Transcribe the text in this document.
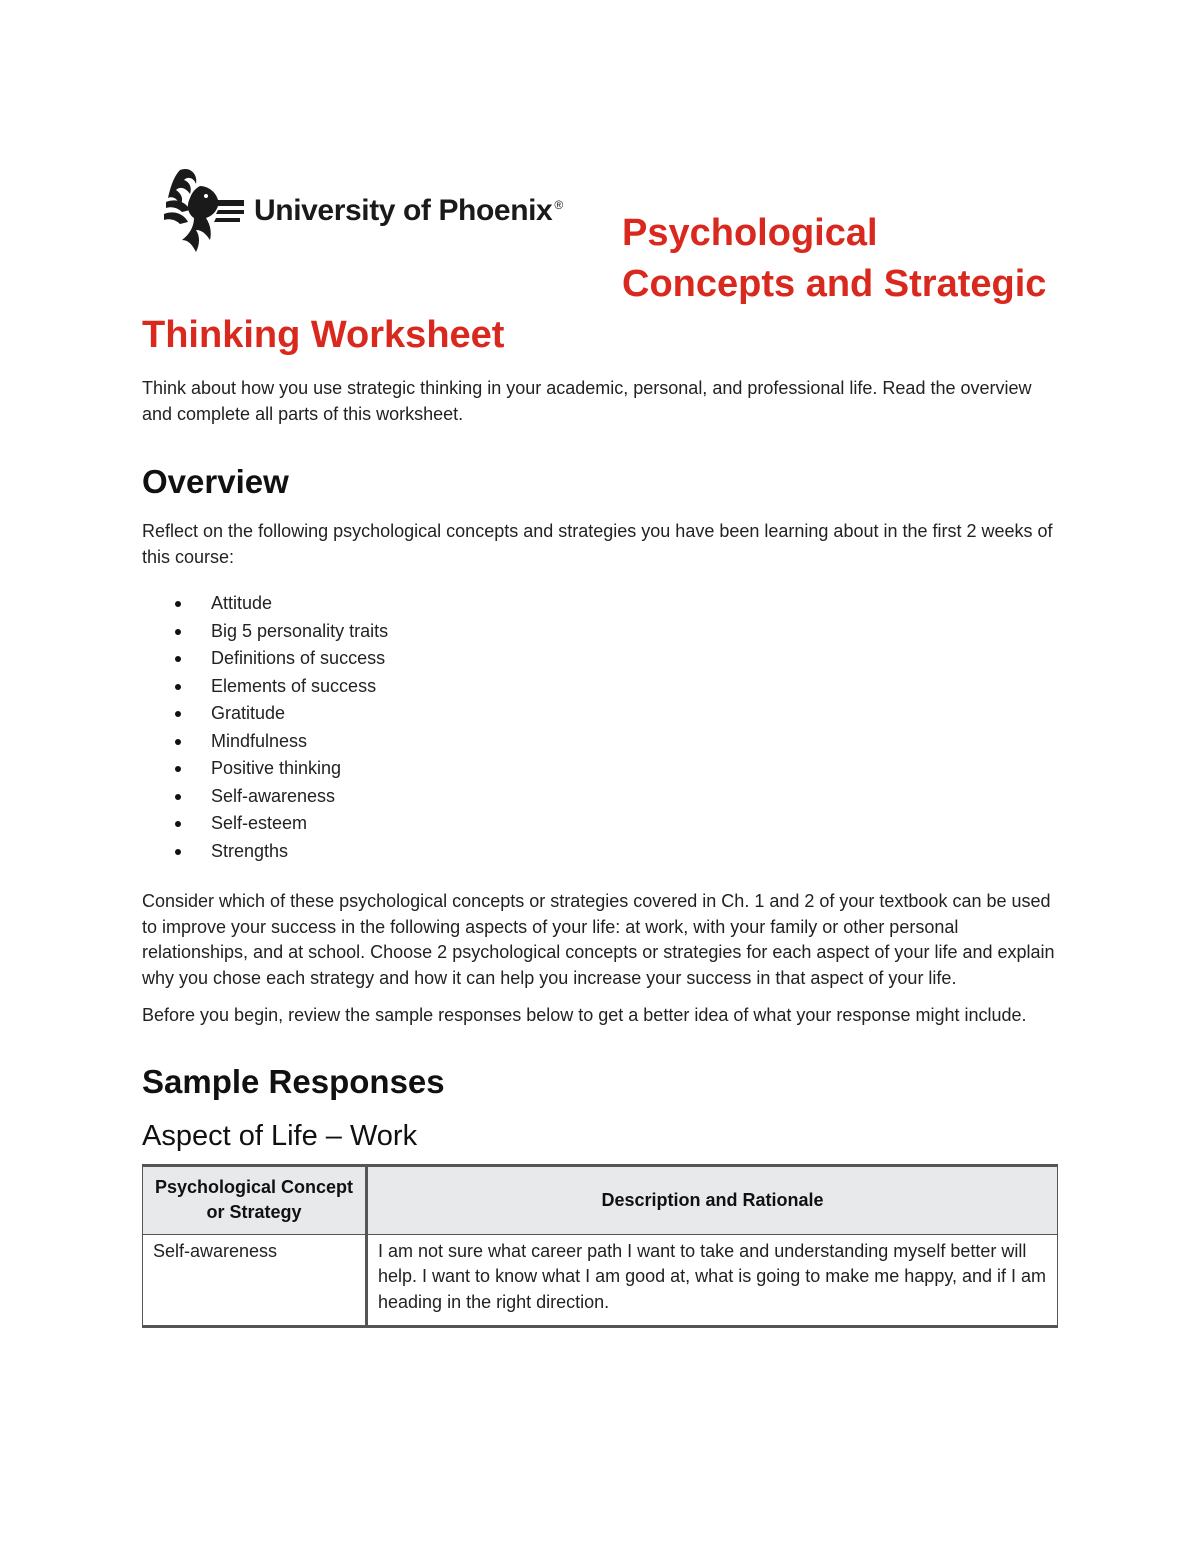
University of Phoenix ®
Psychological
Concepts and Strategic
Thinking Worksheet

Think about how you use strategic thinking in your academic, personal, and professional life. Read the overview and complete all parts of this worksheet.

Overview

Reflect on the following psychological concepts and strategies you have been learning about in the first 2 weeks of this course:

Attitude
Big 5 personality traits
Definitions of success
Elements of success
Gratitude
Mindfulness
Positive thinking
Self-awareness
Self-esteem
Strengths

Consider which of these psychological concepts or strategies covered in Ch. 1 and 2 of your textbook can be used to improve your success in the following aspects of your life: at work, with your family or other personal relationships, and at school. Choose 2 psychological concepts or strategies for each aspect of your life and explain why you chose each strategy and how it can help you increase your success in that aspect of your life.

Before you begin, review the sample responses below to get a better idea of what your response might include.

Sample Responses
Aspect of Life – Work
Psychological Concept or Strategy	Description and Rationale
Self-awareness	I am not sure what career path I want to take and understanding myself better will help. I want to know what I am good at, what is going to make me happy, and if I am heading in the right direction.
